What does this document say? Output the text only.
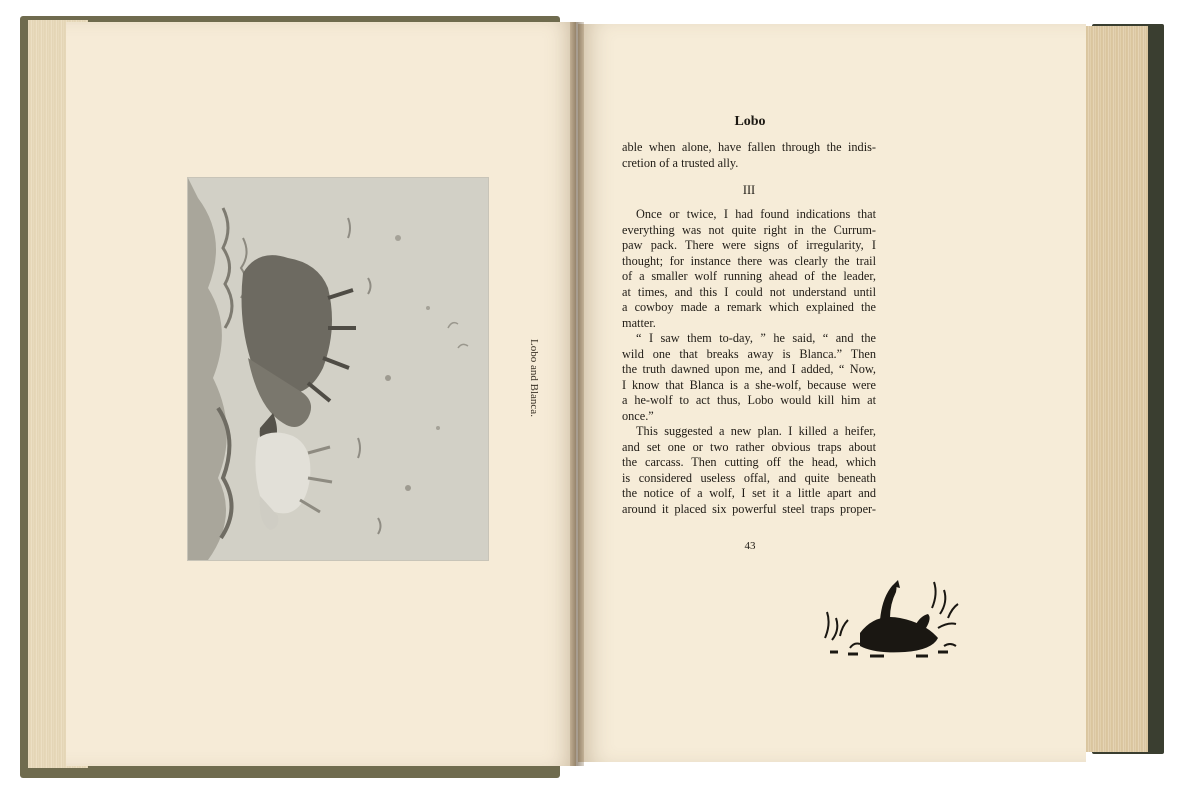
Lobo and Blanca.
Lobo
able when alone, have fallen through the indis-
cretion of a trusted ally.
III
Once or twice, I had found indications that
everything was not quite right in the Currum-
paw pack. There were signs of irregularity, I
thought; for instance there was clearly the trail
of a smaller wolf running ahead of the leader,
at times, and this I could not understand until
a cowboy made a remark which explained the
matter.
“ I saw them to-day, ” he said, “ and the
wild one that breaks away is Blanca.” Then
the truth dawned upon me, and I added, “ Now,
I know that Blanca is a she-wolf, because were
a he-wolf to act thus, Lobo would kill him at
once.”
This suggested a new plan. I killed a heifer,
and set one or two rather obvious traps about
the carcass. Then cutting off the head, which
is considered useless offal, and quite beneath
the notice of a wolf, I set it a little apart and
around it placed six powerful steel traps proper-
43
